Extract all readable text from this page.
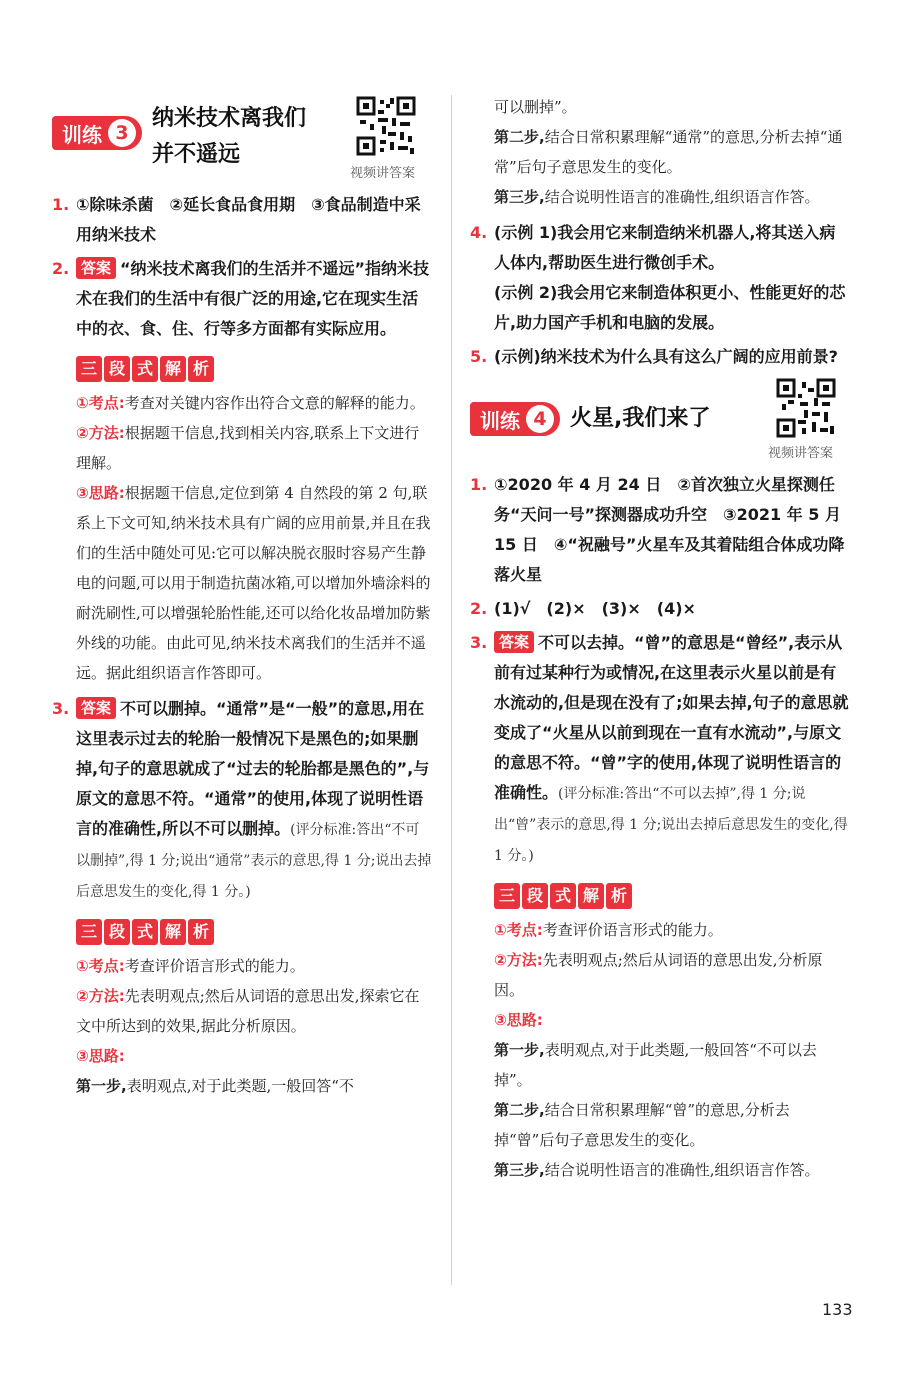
训练 3
纳米技术离我们
并不遥远
视频讲答案
1. ①除味杀菌　②延长食品食用期　③食品制造中采用纳米技术
2. 答案 “纳米技术离我们的生活并不遥远”指纳米技术在我们的生活中有很广泛的用途,它在现实生活中的衣、食、住、行等多方面都有实际应用。
三 段 式 解 析
①考点:考查对关键内容作出符合文意的解释的能力。
②方法:根据题干信息,找到相关内容,联系上下文进行理解。
③思路:根据题干信息,定位到第 4 自然段的第 2 句,联系上下文可知,纳米技术具有广阔的应用前景,并且在我们的生活中随处可见:它可以解决脱衣服时容易产生静电的问题,可以用于制造抗菌冰箱,可以增加外墙涂料的耐洗刷性,可以增强轮胎性能,还可以给化妆品增加防紫外线的功能。由此可见,纳米技术离我们的生活并不遥远。据此组织语言作答即可。
3. 答案 不可以删掉。“通常”是“一般”的意思,用在这里表示过去的轮胎一般情况下是黑色的;如果删掉,句子的意思就成了“过去的轮胎都是黑色的”,与原文的意思不符。“通常”的使用,体现了说明性语言的准确性,所以不可以删掉。(评分标准:答出“不可以删掉”,得 1 分;说出“通常”表示的意思,得 1 分;说出去掉后意思发生的变化,得 1 分。)
三 段 式 解 析
①考点:考查评价语言形式的能力。
②方法:先表明观点;然后从词语的意思出发,探索它在文中所达到的效果,据此分析原因。
③思路:
第一步,表明观点,对于此类题,一般回答“不
可以删掉”。
第二步,结合日常积累理解“通常”的意思,分析去掉“通常”后句子意思发生的变化。
第三步,结合说明性语言的准确性,组织语言作答。
4. (示例 1)我会用它来制造纳米机器人,将其送入病人体内,帮助医生进行微创手术。
(示例 2)我会用它来制造体积更小、性能更好的芯片,助力国产手机和电脑的发展。
5. (示例)纳米技术为什么具有这么广阔的应用前景?
训练 4	火星,我们来了
视频讲答案
1. ①2020 年 4 月 24 日　②首次独立火星探测任务“天问一号”探测器成功升空　③2021 年 5 月 15 日　④“祝融号”火星车及其着陆组合体成功降落火星
2. (1)√　(2)×　(3)×　(4)×
3. 答案 不可以去掉。“曾”的意思是“曾经”,表示从前有过某种行为或情况,在这里表示火星以前是有水流动的,但是现在没有了;如果去掉,句子的意思就变成了“火星从以前到现在一直有水流动”,与原文的意思不符。“曾”字的使用,体现了说明性语言的准确性。(评分标准:答出“不可以去掉”,得 1 分;说出“曾”表示的意思,得 1 分;说出去掉后意思发生的变化,得 1 分。)
三 段 式 解 析
①考点:考查评价语言形式的能力。
②方法:先表明观点;然后从词语的意思出发,分析原因。
③思路:
第一步,表明观点,对于此类题,一般回答“不可以去掉”。
第二步,结合日常积累理解“曾”的意思,分析去掉“曾”后句子意思发生的变化。
第三步,结合说明性语言的准确性,组织语言作答。
133
